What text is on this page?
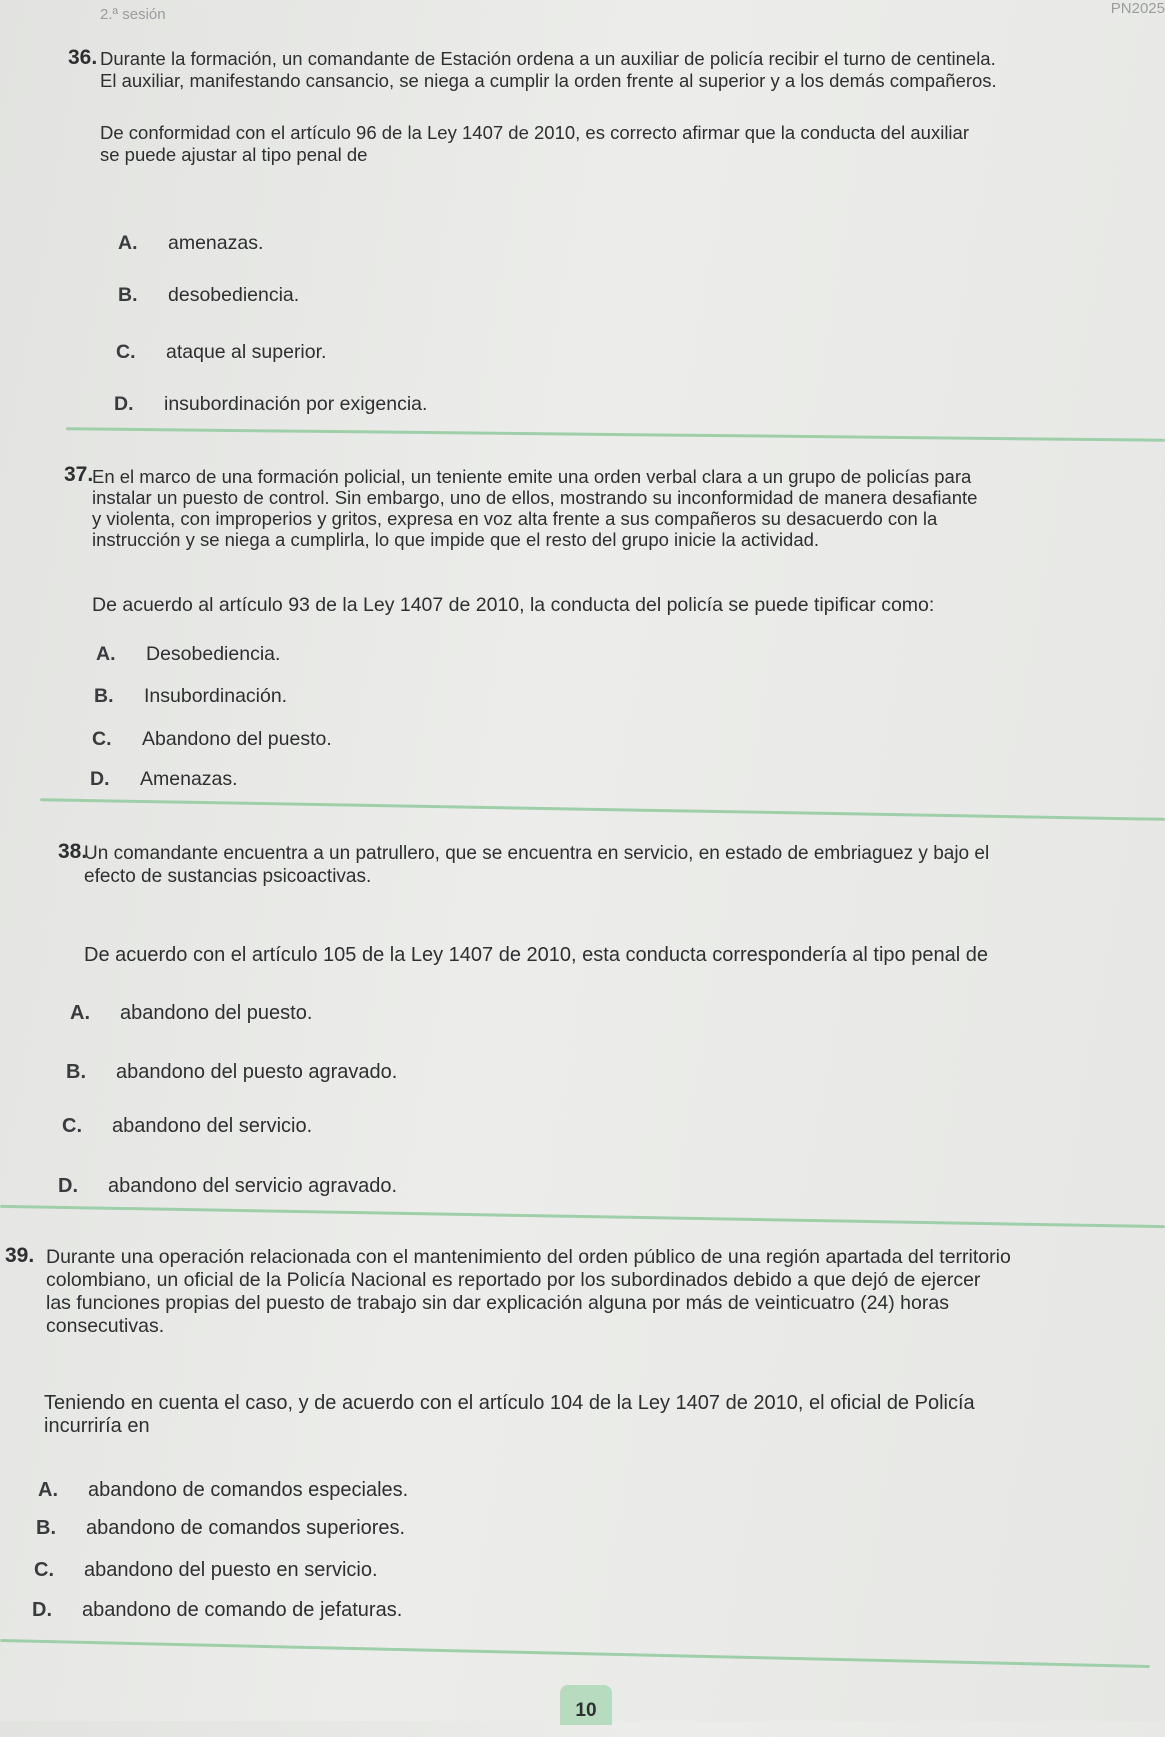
2.ª sesión	PN2025
36. Durante la formación, un comandante de Estación ordena a un auxiliar de policía recibir el turno de centinela.
El auxiliar, manifestando cansancio, se niega a cumplir la orden frente al superior y a los demás compañeros.
De conformidad con el artículo 96 de la Ley 1407 de 2010, es correcto afirmar que la conducta del auxiliar
se puede ajustar al tipo penal de
A. amenazas.
B. desobediencia.
C. ataque al superior.
D. insubordinación por exigencia.
37.
En el marco de una formación policial, un teniente emite una orden verbal clara a un grupo de policías para
instalar un puesto de control. Sin embargo, uno de ellos, mostrando su inconformidad de manera desafiante
y violenta, con improperios y gritos, expresa en voz alta frente a sus compañeros su desacuerdo con la
instrucción y se niega a cumplirla, lo que impide que el resto del grupo inicie la actividad.
De acuerdo al artículo 93 de la Ley 1407 de 2010, la conducta del policía se puede tipificar como:
A. Desobediencia.
B. Insubordinación.
C. Abandono del puesto.
D. Amenazas.
38.
Un comandante encuentra a un patrullero, que se encuentra en servicio, en estado de embriaguez y bajo el
efecto de sustancias psicoactivas.
De acuerdo con el artículo 105 de la Ley 1407 de 2010, esta conducta correspondería al tipo penal de
A. abandono del puesto.
B. abandono del puesto agravado.
C. abandono del servicio.
D. abandono del servicio agravado.
39. Durante una operación relacionada con el mantenimiento del orden público de una región apartada del territorio
colombiano, un oficial de la Policía Nacional es reportado por los subordinados debido a que dejó de ejercer
las funciones propias del puesto de trabajo sin dar explicación alguna por más de veinticuatro (24) horas
consecutivas.
Teniendo en cuenta el caso, y de acuerdo con el artículo 104 de la Ley 1407 de 2010, el oficial de Policía
incurriría en
A. abandono de comandos especiales.
B. abandono de comandos superiores.
C. abandono del puesto en servicio.
D. abandono de comando de jefaturas.
10
